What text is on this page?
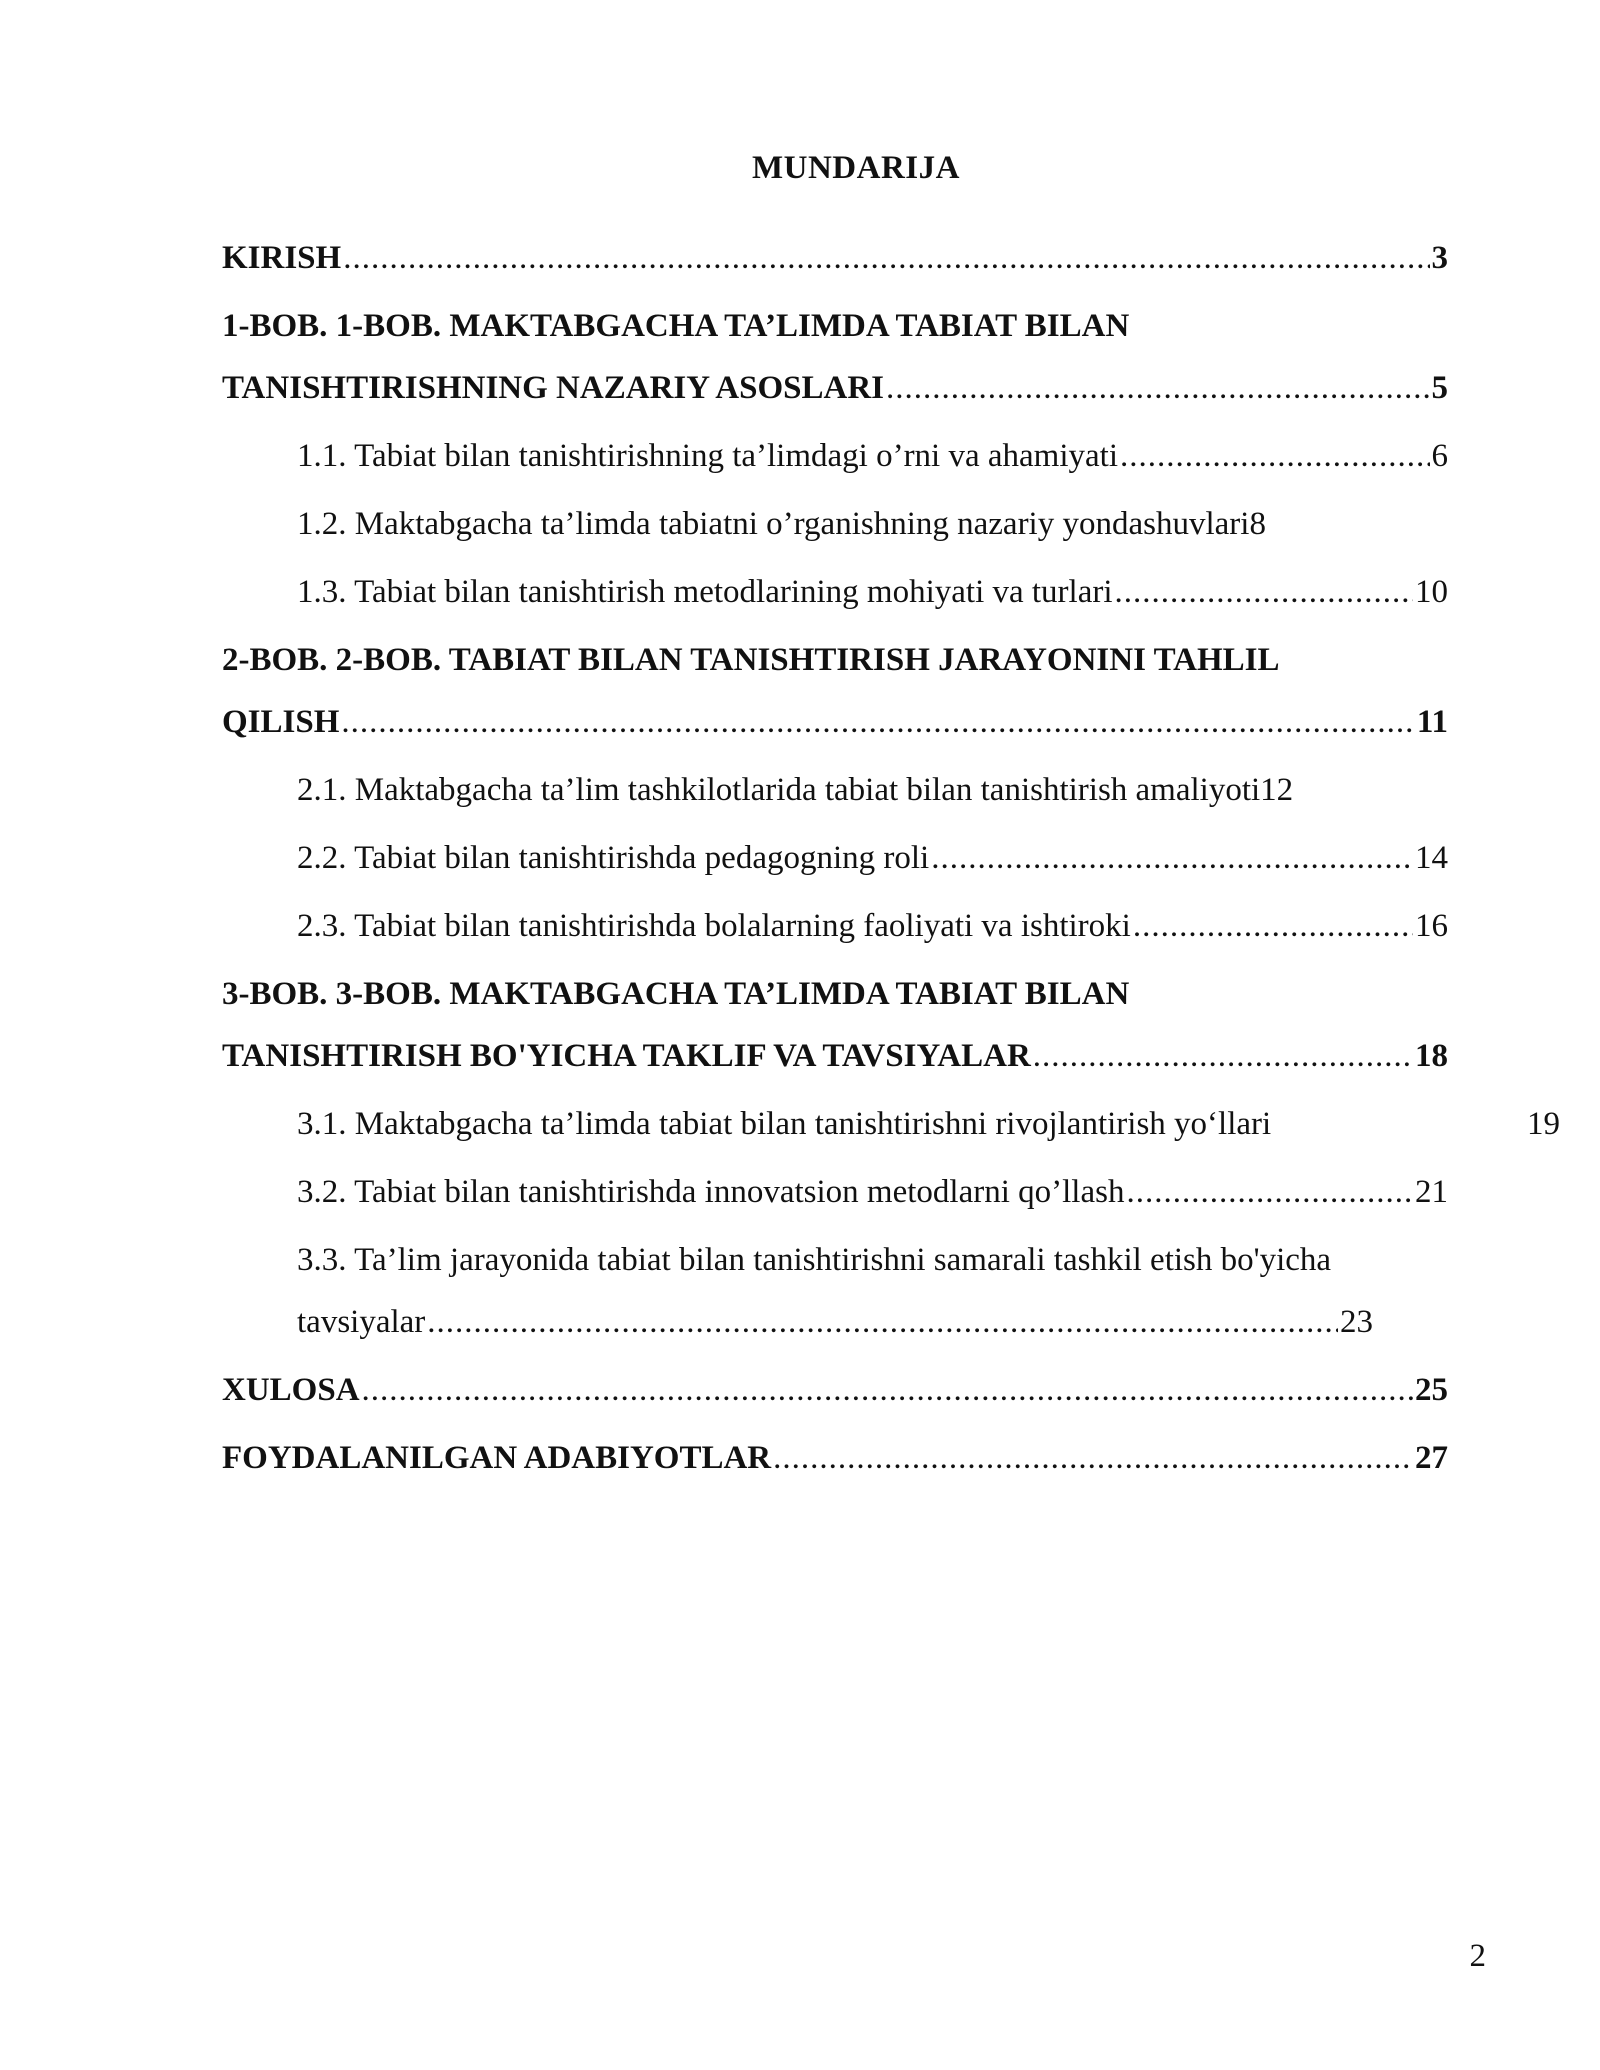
MUNDARIJA
KIRISH .....	3
1-BOB. 1-BOB. MAKTABGACHA TA’LIMDA TABIAT BILAN
TANISHTIRISHNING NAZARIY ASOSLARI .....	5
1.1. Tabiat bilan tanishtirishning ta’limdagi o’rni va ahamiyati .....	6
1.2. Maktabgacha ta’limda tabiatni o’rganishning nazariy yondashuvlari 8
1.3. Tabiat bilan tanishtirish metodlarining mohiyati va turlari .....	10
2-BOB. 2-BOB. TABIAT BILAN TANISHTIRISH JARAYONINI TAHLIL
QILISH .....	11
2.1. Maktabgacha ta’lim tashkilotlarida tabiat bilan tanishtirish amaliyoti 12
2.2. Tabiat bilan tanishtirishda pedagogning roli .....	14
2.3. Tabiat bilan tanishtirishda bolalarning faoliyati va ishtiroki .....	16
3-BOB. 3-BOB. MAKTABGACHA TA’LIMDA TABIAT BILAN
TANISHTIRISH BO'YICHA TAKLIF VA TAVSIYALAR .....	18
3.1. Maktabgacha ta’limda tabiat bilan tanishtirishni rivojlantirish yo‘llari	19
3.2. Tabiat bilan tanishtirishda innovatsion metodlarni qo’llash .....	21
3.3. Ta’lim jarayonida tabiat bilan tanishtirishni samarali tashkil etish bo'yicha
tavsiyalar .....	23
XULOSA .....	25
FOYDALANILGAN ADABIYOTLAR .....	27
2
